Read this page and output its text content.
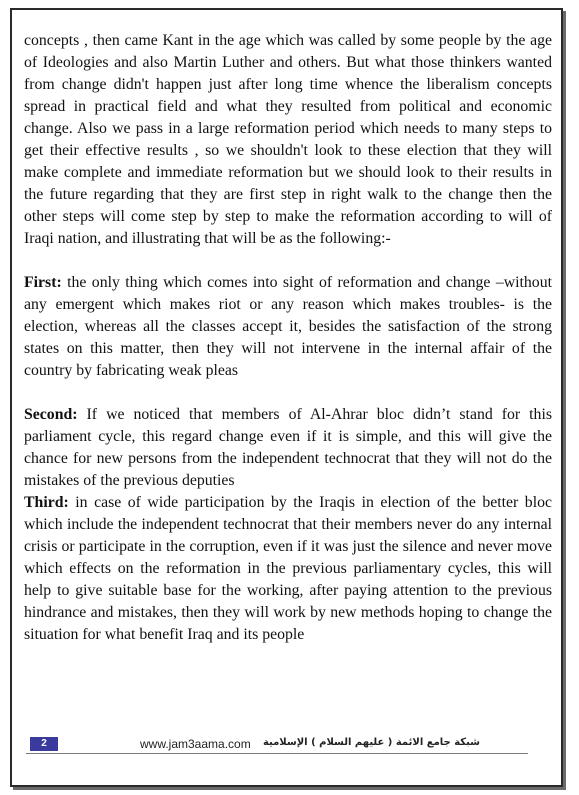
concepts , then came Kant in the age which was called by some people by the age of Ideologies and also Martin Luther and others. But what those thinkers wanted from change didn't happen just after long time whence the liberalism concepts spread in practical field and what they resulted from political and economic change. Also we pass in a large reformation period which needs to many steps to get their effective results , so we shouldn't look to these election that they will make complete and immediate reformation but we should look to their results in the future regarding that they are first step in right walk to the change then the other steps will come step by step to make the reformation according to will of Iraqi nation, and illustrating that will be as the following:-

First: the only thing which comes into sight of reformation and change –without any emergent which makes riot or any reason which makes troubles- is the election, whereas all the classes accept it, besides the satisfaction of the strong states on this matter, then they will not intervene in the internal affair of the country by fabricating weak pleas

Second: If we noticed that members of Al-Ahrar bloc didn’t stand for this parliament cycle, this regard change even if it is simple, and this will give the chance for new persons from the independent technocrat that they will not do the mistakes of the previous deputies

Third: in case of wide participation by the Iraqis in election of the better bloc which include the independent technocrat that their members never do any internal crisis or participate in the corruption, even if it was just the silence and never move which effects on the reformation in the previous parliamentary cycles, this will help to give suitable base for the working, after paying attention to the previous hindrance and mistakes, then they will work by new methods hoping to change the situation for what benefit Iraq and its people

2	www.jam3aama.com شبكة جامع الائمة ( عليهم السلام ) الإسلامية
